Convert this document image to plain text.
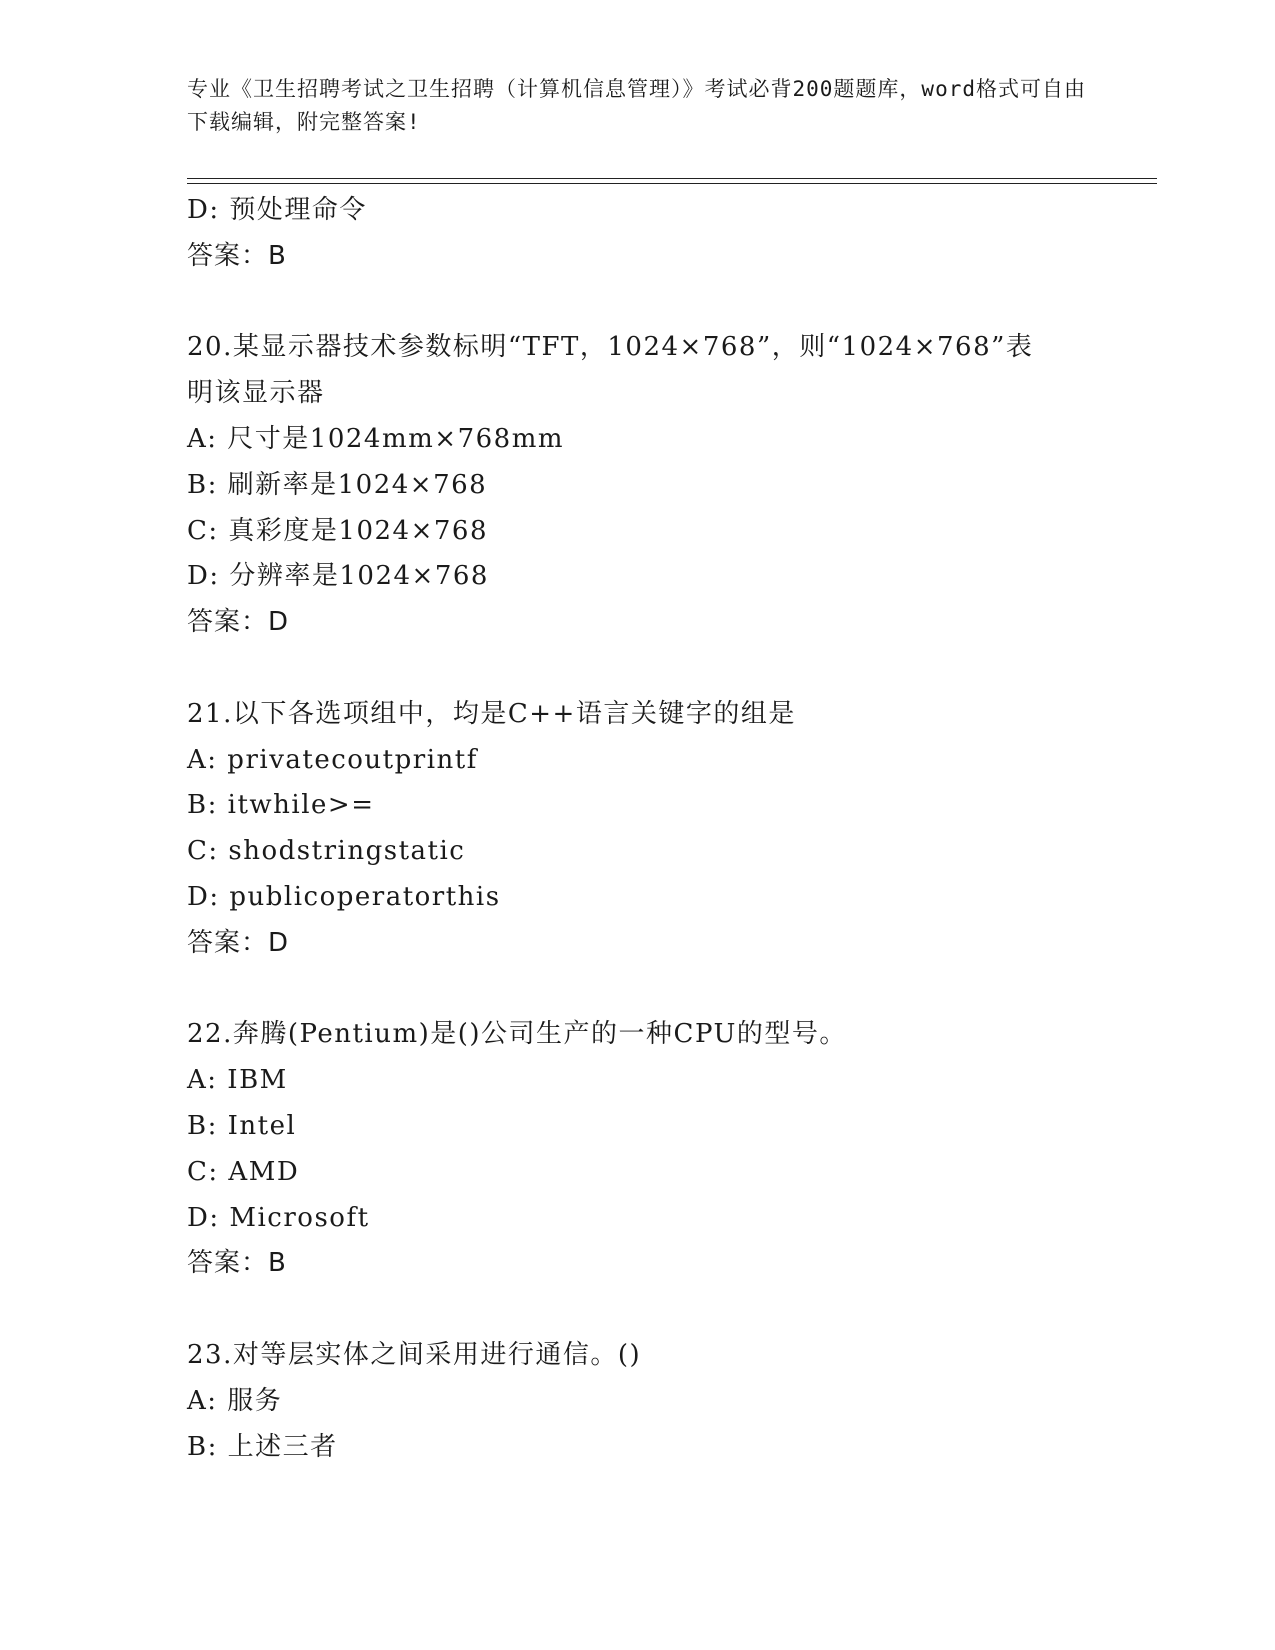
专业《卫生招聘考试之卫生招聘（计算机信息管理）》考试必背200题题库，word格式可自由下载编辑，附完整答案!
D: 预处理命令
答案：B
20.某显示器技术参数标明“TFT，1024×768”，则“1024×768”表
明该显示器
A: 尺寸是1024mm×768mm
B: 刷新率是1024×768
C: 真彩度是1024×768
D: 分辨率是1024×768
答案：D
21.以下各选项组中，均是C++语言关键字的组是
A: privatecoutprintf
B: itwhile>=
C: shodstringstatic
D: publicoperatorthis
答案：D
22.奔腾(Pentium)是()公司生产的一种CPU的型号。
A: IBM
B: Intel
C: AMD
D: Microsoft
答案：B
23.对等层实体之间采用进行通信。()
A: 服务
B: 上述三者
